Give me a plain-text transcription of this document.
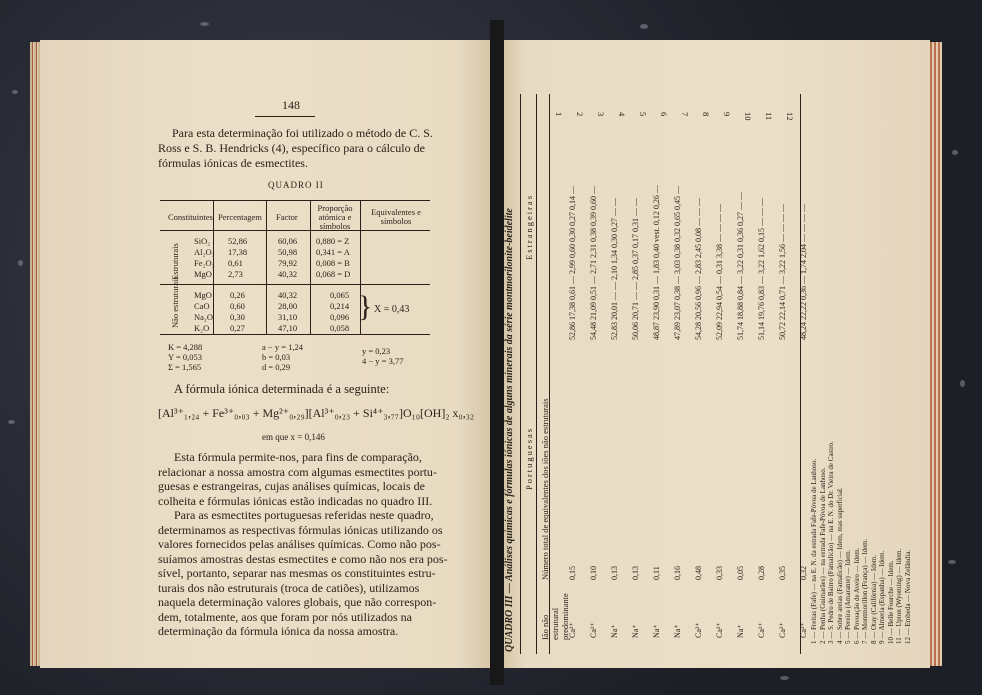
148
Para esta determinação foi utilizado o método de C. S.
Ross e S. B. Hendricks (4), específico para o cálculo de
fórmulas iónicas de esmectites.
QUADRO II
Constituintes Percentagem Factor
Proporção atómica e símbolos
Equivalentes e símbolos
Estruturais
Não estruturais
SiO₂ 52,86	60,06 0,880 = Z
Al₂O₃ 17,38	50,98 0,341 = A
Fe₂O₃ 0,61	79,92 0,008 = B
MgO 2,73	40,32 0,068 = D
MgO 0,26	40,32	0,065
CaO 0,60	28,00	0,214
Na₂O 0,30	31,10	0,096
K₂O 0,27	47,10	0,058
} X = 0,43
K = 4,288
Y = 0,053
Σ = 1,565
a − y = 1,24
b = 0,03
d = 0,29
y = 0,23
4 − y = 3,77
A fórmula iónica determinada é a seguinte:
[Al³⁺₁,₂₄ + Fe³⁺₀,₀₃ + Mg²⁺₀,₂₉][Al³⁺₀,₂₃ + Si⁴⁺₃,₇₇]O₁₀[OH]₂ x₀,₃₂
em que x = 0,146
Esta fórmula permite-nos, para fins de comparação,
relacionar a nossa amostra com algumas esmectites portu-
guesas e estrangeiras, cujas análises químicas, locais de
colheita e fórmulas iónicas estão indicadas no quadro III.
Para as esmectites portuguesas referidas neste quadro,
determinamos as respectivas fórmulas iónicas utilizando os
valores fornecidos pelas análises químicas. Como não pos-
suíamos amostras destas esmectites e como não nos era pos-
sível, portanto, separar nas mesmas os constituintes estru-
turais dos não estruturais (troca de catiões), utilizamos
naquela determinação valores globais, que não correspon-
dem, totalmente, aos que foram por nós utilizados na
determinação da fórmula iónica da nossa amostra.	QUADRO III — Análises químicas e fórmulas iónicas de alguns minerais da série montmorilonite-beidelite Portuguesas
Estrangeiras
1
52,86 17,38 0,61 — 2,99 0,60 0,30 0,27 0,14 —
Ca²⁺
0,15
2
54,48 21,09 0,51 — 2,71 2,31 0,38 0,39 0,60 —
Ca²⁺
0,10
3
52,83 20,01 — — 2,10 1,34 0,30 0,27 — —
Na⁺
0,13
4
50,06 20,71 — — 2,85 0,37 0,17 0,31 — —
Na⁺
0,13
5
48,87 23,90 0,31 — 1,83 0,40 vest. 0,12 0,26 —
Na⁺
0,11
6
47,89 23,07 0,38 — 3,03 0,38 0,32 0,65 0,45 —
Na⁺
0,16
7
54,28 20,56 0,96 — 2,83 2,45 0,08 — — —
Ca²⁺
0,48
8
52,09 22,94 0,54 — 0,31 3,38 — — — —
Ca²⁺
0,33
9
51,74 18,88 0,84 — 3,22 0,31 0,36 0,27 — —
Na⁺
0,05
10
51,14 19,76 0,83 — 3,22 1,62 0,15 — — —
Ca²⁺
0,28
11
50,72 22,14 0,71 — 3,22 1,56 — — — —
Ca²⁺
0,35
12
48,24 22,22 0,36 — 1,74 2,04 — — — —
Ca²⁺
0,32
Ião não estrutural predominante
Número total de equivalentes dos iões não estruturais	1 — Freitas (Fafe) — na E. N. da estrada Fafe-Póvoa de Lanhoso. 2 — Penha (Guimarães) — na estrada Fafe-Póvoa de Lanhoso. 3 — S. Pedro de Bairro (Famalicão) — na E. N. do Dr. Vieira de Castro. 4 — Sobre areias (Famalicão) — Idem, mas superficial. 5 — Pereira (Amarante) — Idem. 6 — Povoação de Aveiro — Idem. 7 — Montmorillon (França) — Idem. 8 — Otay (Califórnia) — Idem. 9 — Almeria (Espanha) — Idem. 10 — Belle Fourche — Idem. 11 — Upton (Wyoming) — Idem. 12 — Embeda — Nova Zelândia.
